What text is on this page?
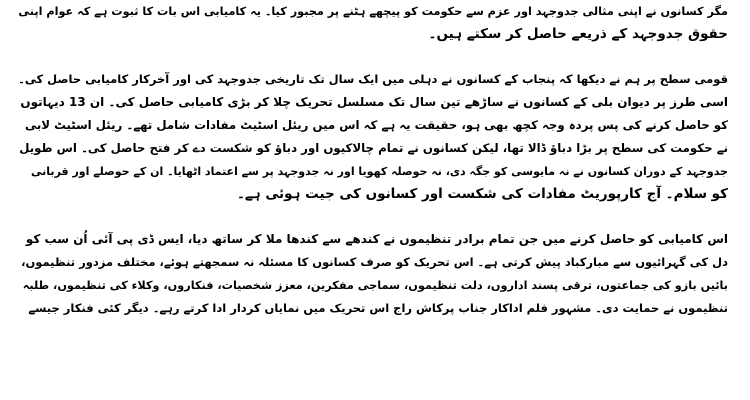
مگر کسانوں نے اپنی مثالی جدوجہد اور عزم سے حکومت کو پیچھے ہٹنے پر مجبور کیا۔ یہ کامیابی اس بات کا ثبوت ہے کہ عوام اپنی
حقوق جدوجہد کے ذریعے حاصل کر سکتے ہیں۔

قومی سطح پر ہم نے دیکھا کہ پنجاب کے کسانوں نے دہلی میں ایک سال تک تاریخی جدوجہد کی اور آخرکار کامیابی حاصل کی۔
اسی طرز پر دیوان بلی کے کسانوں نے ساڑھے تین سال تک مسلسل تحریک چلا کر بڑی کامیابی حاصل کی۔ ان 13 دیہاتوں
کو حاصل کرنے کی پس پردہ وجہ کچھ بھی ہو، حقیقت یہ ہے کہ اس میں ریئل اسٹیٹ مفادات شامل تھے۔ ریئل اسٹیٹ لابی
نے حکومت کی سطح پر بڑا دباؤ ڈالا تھا، لیکن کسانوں نے تمام چالاکیوں اور دباؤ کو شکست دے کر فتح حاصل کی۔ اس طویل
جدوجہد کے دوران کسانوں نے نہ مایوسی کو جگہ دی، نہ حوصلہ کھویا اور نہ جدوجہد پر سے اعتماد اٹھایا۔ ان کے حوصلے اور قربانی
کو سلام۔ آج کارپوریٹ مفادات کی شکست اور کسانوں کی جیت ہوئی ہے۔

اس کامیابی کو حاصل کرنے میں جن تمام برادر تنظیموں نے کندھے سے کندھا ملا کر ساتھ دیا، ایس ڈی پی آئی اُن سب کو
دل کی گہرائیوں سے مبارکباد پیش کرتی ہے۔ اس تحریک کو صرف کسانوں کا مسئلہ نہ سمجھتے ہوئے، مختلف مزدور تنظیموں،
بائیں بازو کی جماعتوں، ترقی پسند اداروں، دلت تنظیموں، سماجی مفکرین، معزز شخصیات، فنکاروں، وکلاء کی تنظیموں، طلبہ
تنظیموں نے حمایت دی۔ مشہور فلم اداکار جناب پرکاش راج اس تحریک میں نمایاں کردار ادا کرتے رہے۔ دیگر کئی فنکار جیسے
